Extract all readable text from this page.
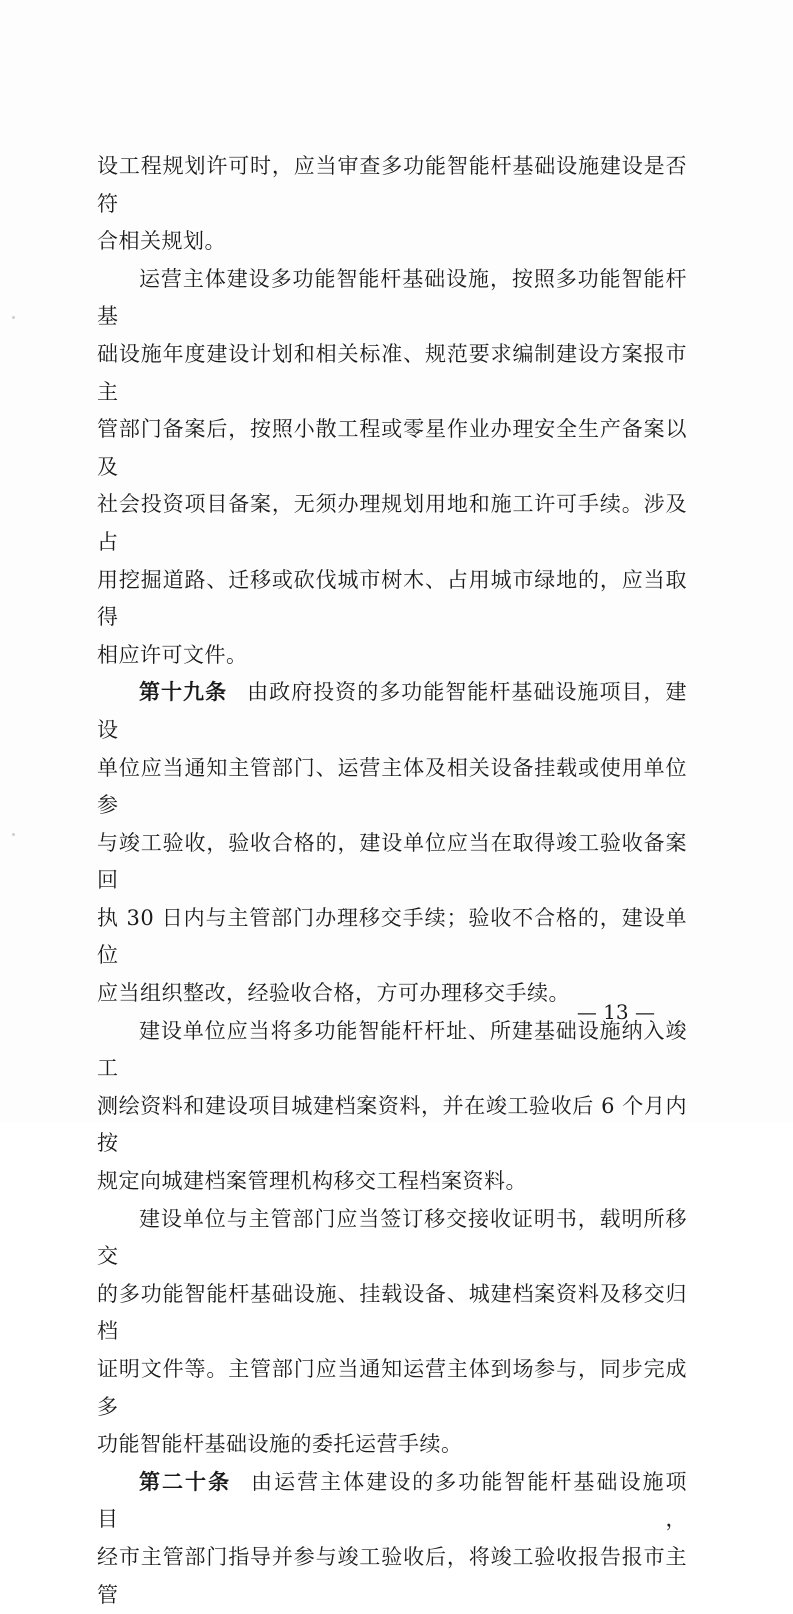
设工程规划许可时，应当审查多功能智能杆基础设施建设是否符

合相关规划。

运营主体建设多功能智能杆基础设施，按照多功能智能杆基

础设施年度建设计划和相关标准、规范要求编制建设方案报市主

管部门备案后，按照小散工程或零星作业办理安全生产备案以及

社会投资项目备案，无须办理规划用地和施工许可手续。涉及占

用挖掘道路、迁移或砍伐城市树木、占用城市绿地的，应当取得

相应许可文件。

第十九条 由政府投资的多功能智能杆基础设施项目，建设

单位应当通知主管部门、运营主体及相关设备挂载或使用单位参

与竣工验收，验收合格的，建设单位应当在取得竣工验收备案回

执 30 日内与主管部门办理移交手续；验收不合格的，建设单位

应当组织整改，经验收合格，方可办理移交手续。

建设单位应当将多功能智能杆杆址、所建基础设施纳入竣工

测绘资料和建设项目城建档案资料，并在竣工验收后 6 个月内按

规定向城建档案管理机构移交工程档案资料。

建设单位与主管部门应当签订移交接收证明书，载明所移交

的多功能智能杆基础设施、挂载设备、城建档案资料及移交归档

证明文件等。主管部门应当通知运营主体到场参与，同步完成多

功能智能杆基础设施的委托运营手续。

第二十条 由运营主体建设的多功能智能杆基础设施项目，

经市主管部门指导并参与竣工验收后，将竣工验收报告报市主管

— 13 —
